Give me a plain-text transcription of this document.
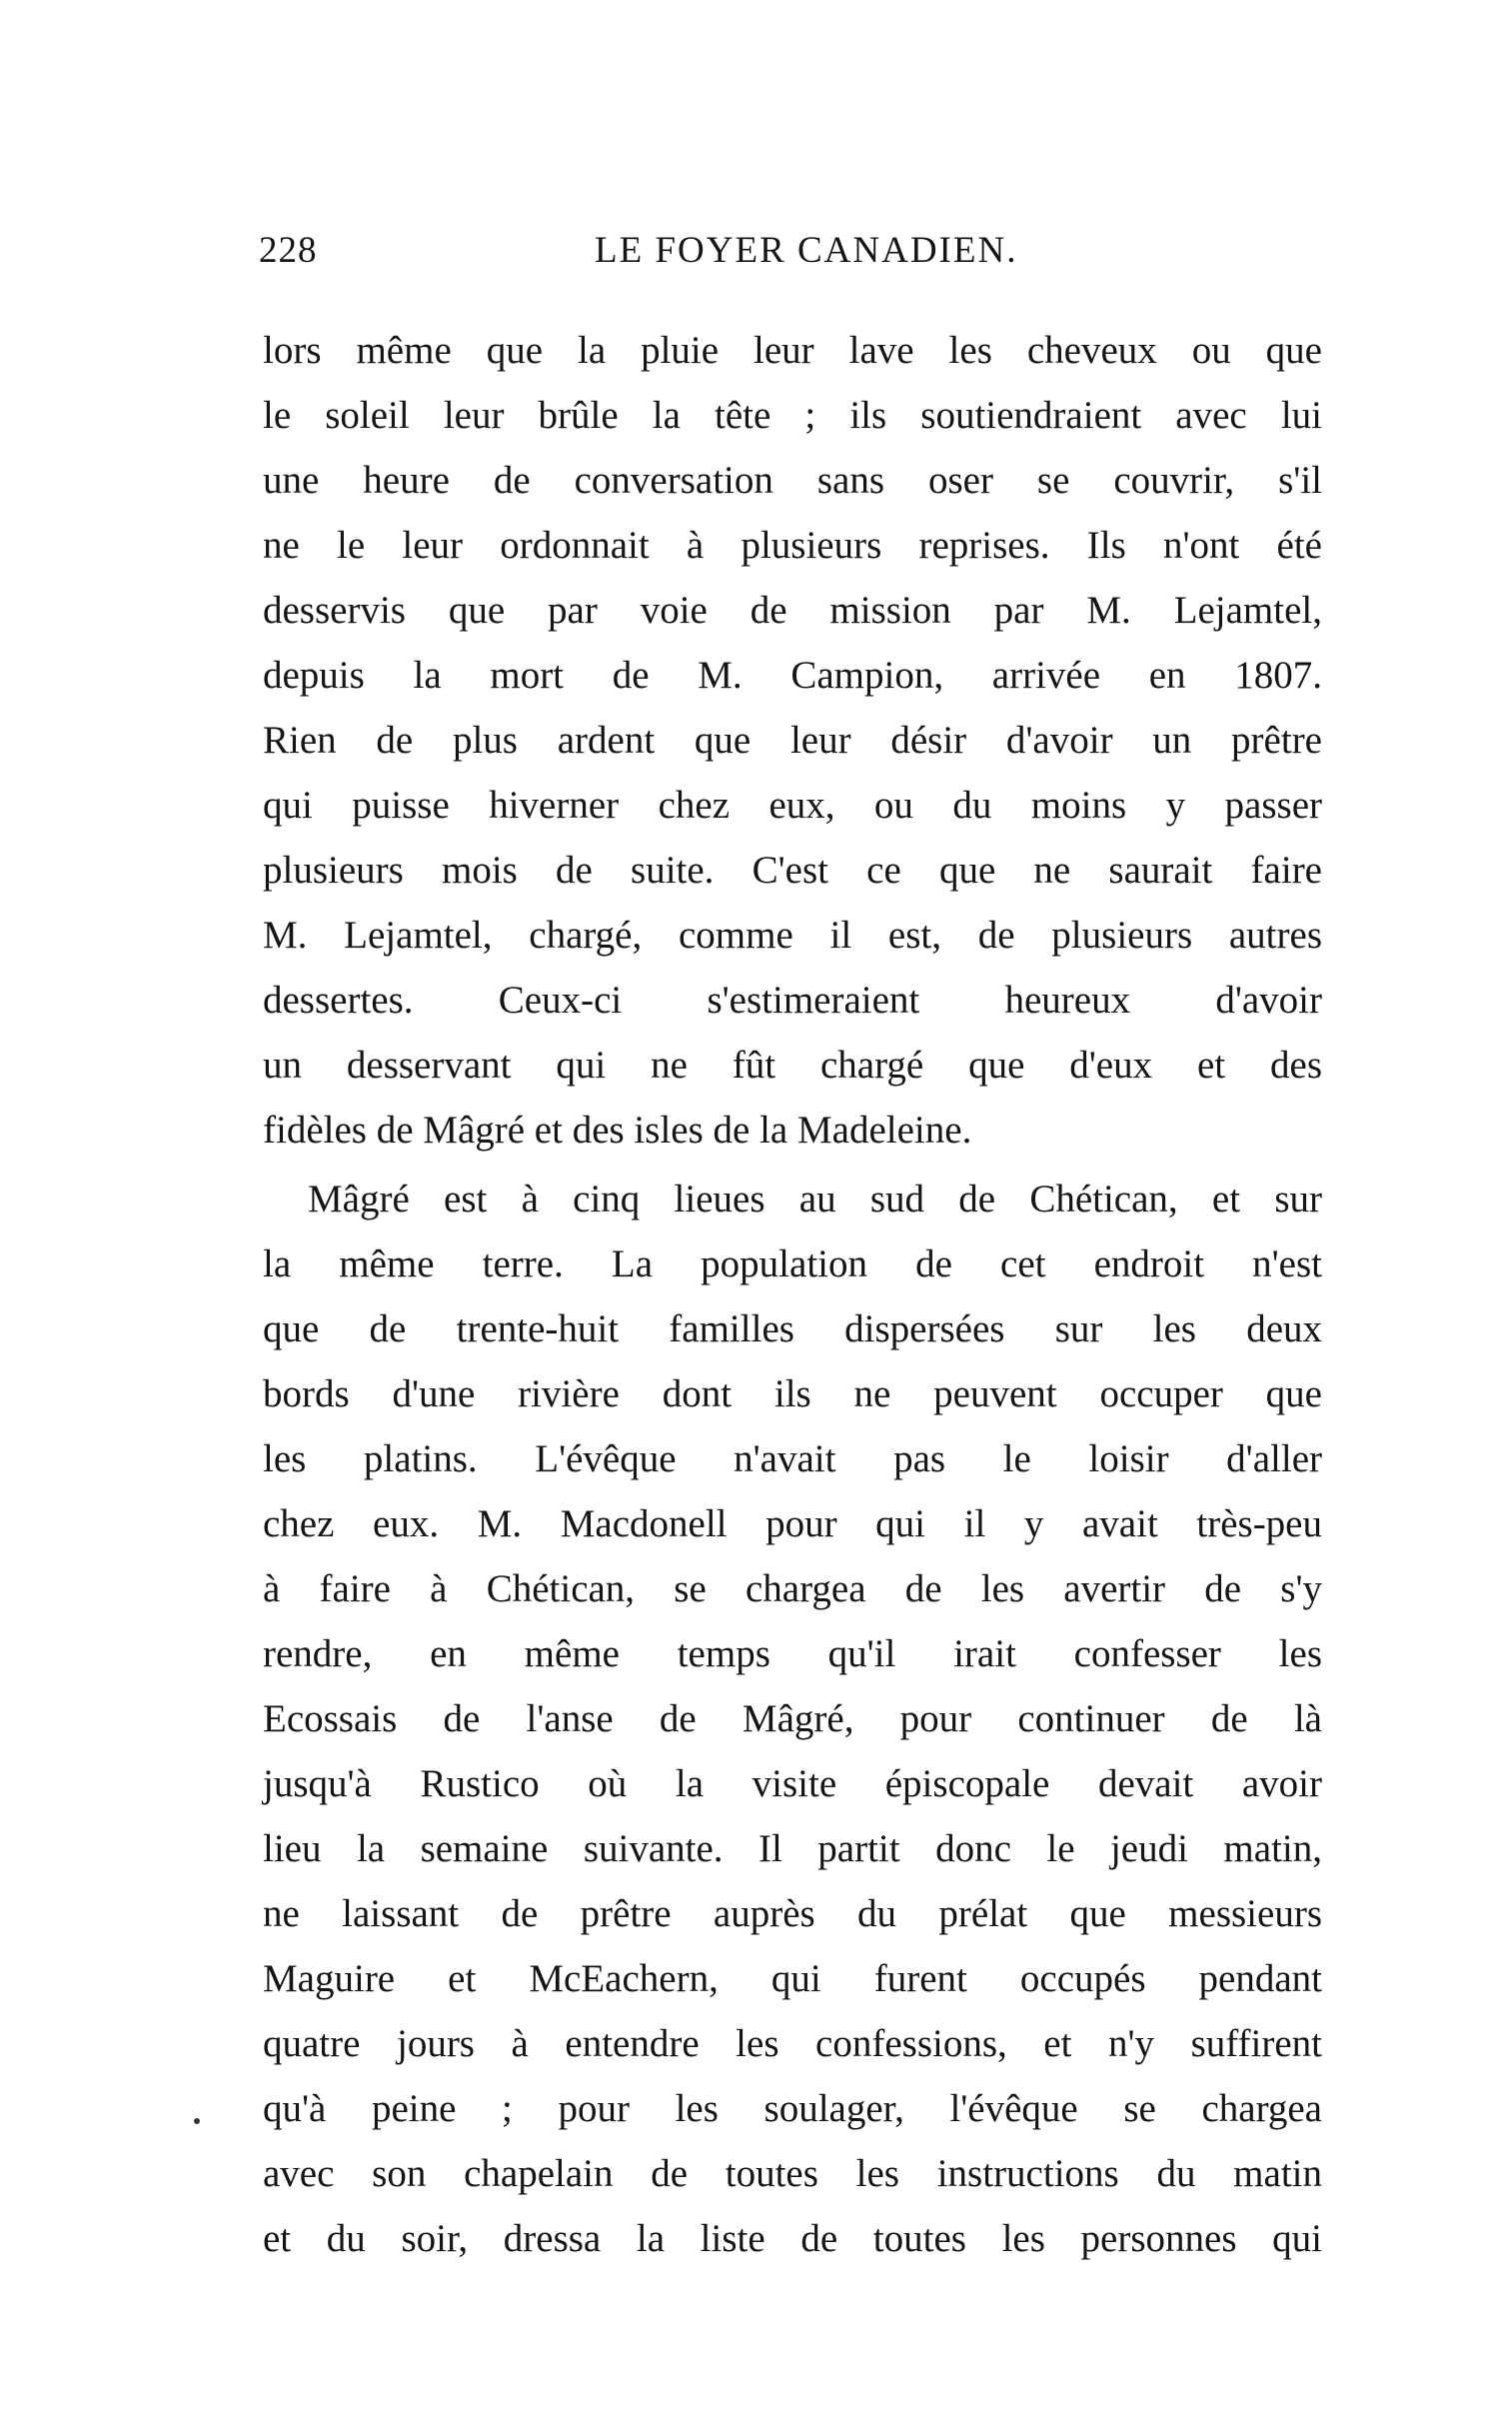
228	LE FOYER CANADIEN.
lors même que la pluie leur lave les cheveux ou que
le soleil leur brûle la tête ; ils soutiendraient avec lui
une heure de conversation sans oser se couvrir, s'il
ne le leur ordonnait à plusieurs reprises. Ils n'ont été
desservis que par voie de mission par M. Lejamtel,
depuis la mort de M. Campion, arrivée en 1807.
Rien de plus ardent que leur désir d'avoir un prêtre
qui puisse hiverner chez eux, ou du moins y passer
plusieurs mois de suite. C'est ce que ne saurait faire
M. Lejamtel, chargé, comme il est, de plusieurs autres
dessertes. Ceux-ci s'estimeraient heureux d'avoir
un desservant qui ne fût chargé que d'eux et des
fidèles de Mâgré et des isles de la Madeleine.
Mâgré est à cinq lieues au sud de Chétican, et sur
la même terre. La population de cet endroit n'est
que de trente-huit familles dispersées sur les deux
bords d'une rivière dont ils ne peuvent occuper que
les platins. L'évêque n'avait pas le loisir d'aller
chez eux. M. Macdonell pour qui il y avait très-peu
à faire à Chétican, se chargea de les avertir de s'y
rendre, en même temps qu'il irait confesser les
Ecossais de l'anse de Mâgré, pour continuer de là
jusqu'à Rustico où la visite épiscopale devait avoir
lieu la semaine suivante. Il partit donc le jeudi matin,
ne laissant de prêtre auprès du prélat que messieurs
Maguire et McEachern, qui furent occupés pendant
quatre jours à entendre les confessions, et n'y suffirent
qu'à peine ; pour les soulager, l'évêque se chargea
avec son chapelain de toutes les instructions du matin
et du soir, dressa la liste de toutes les personnes qui
